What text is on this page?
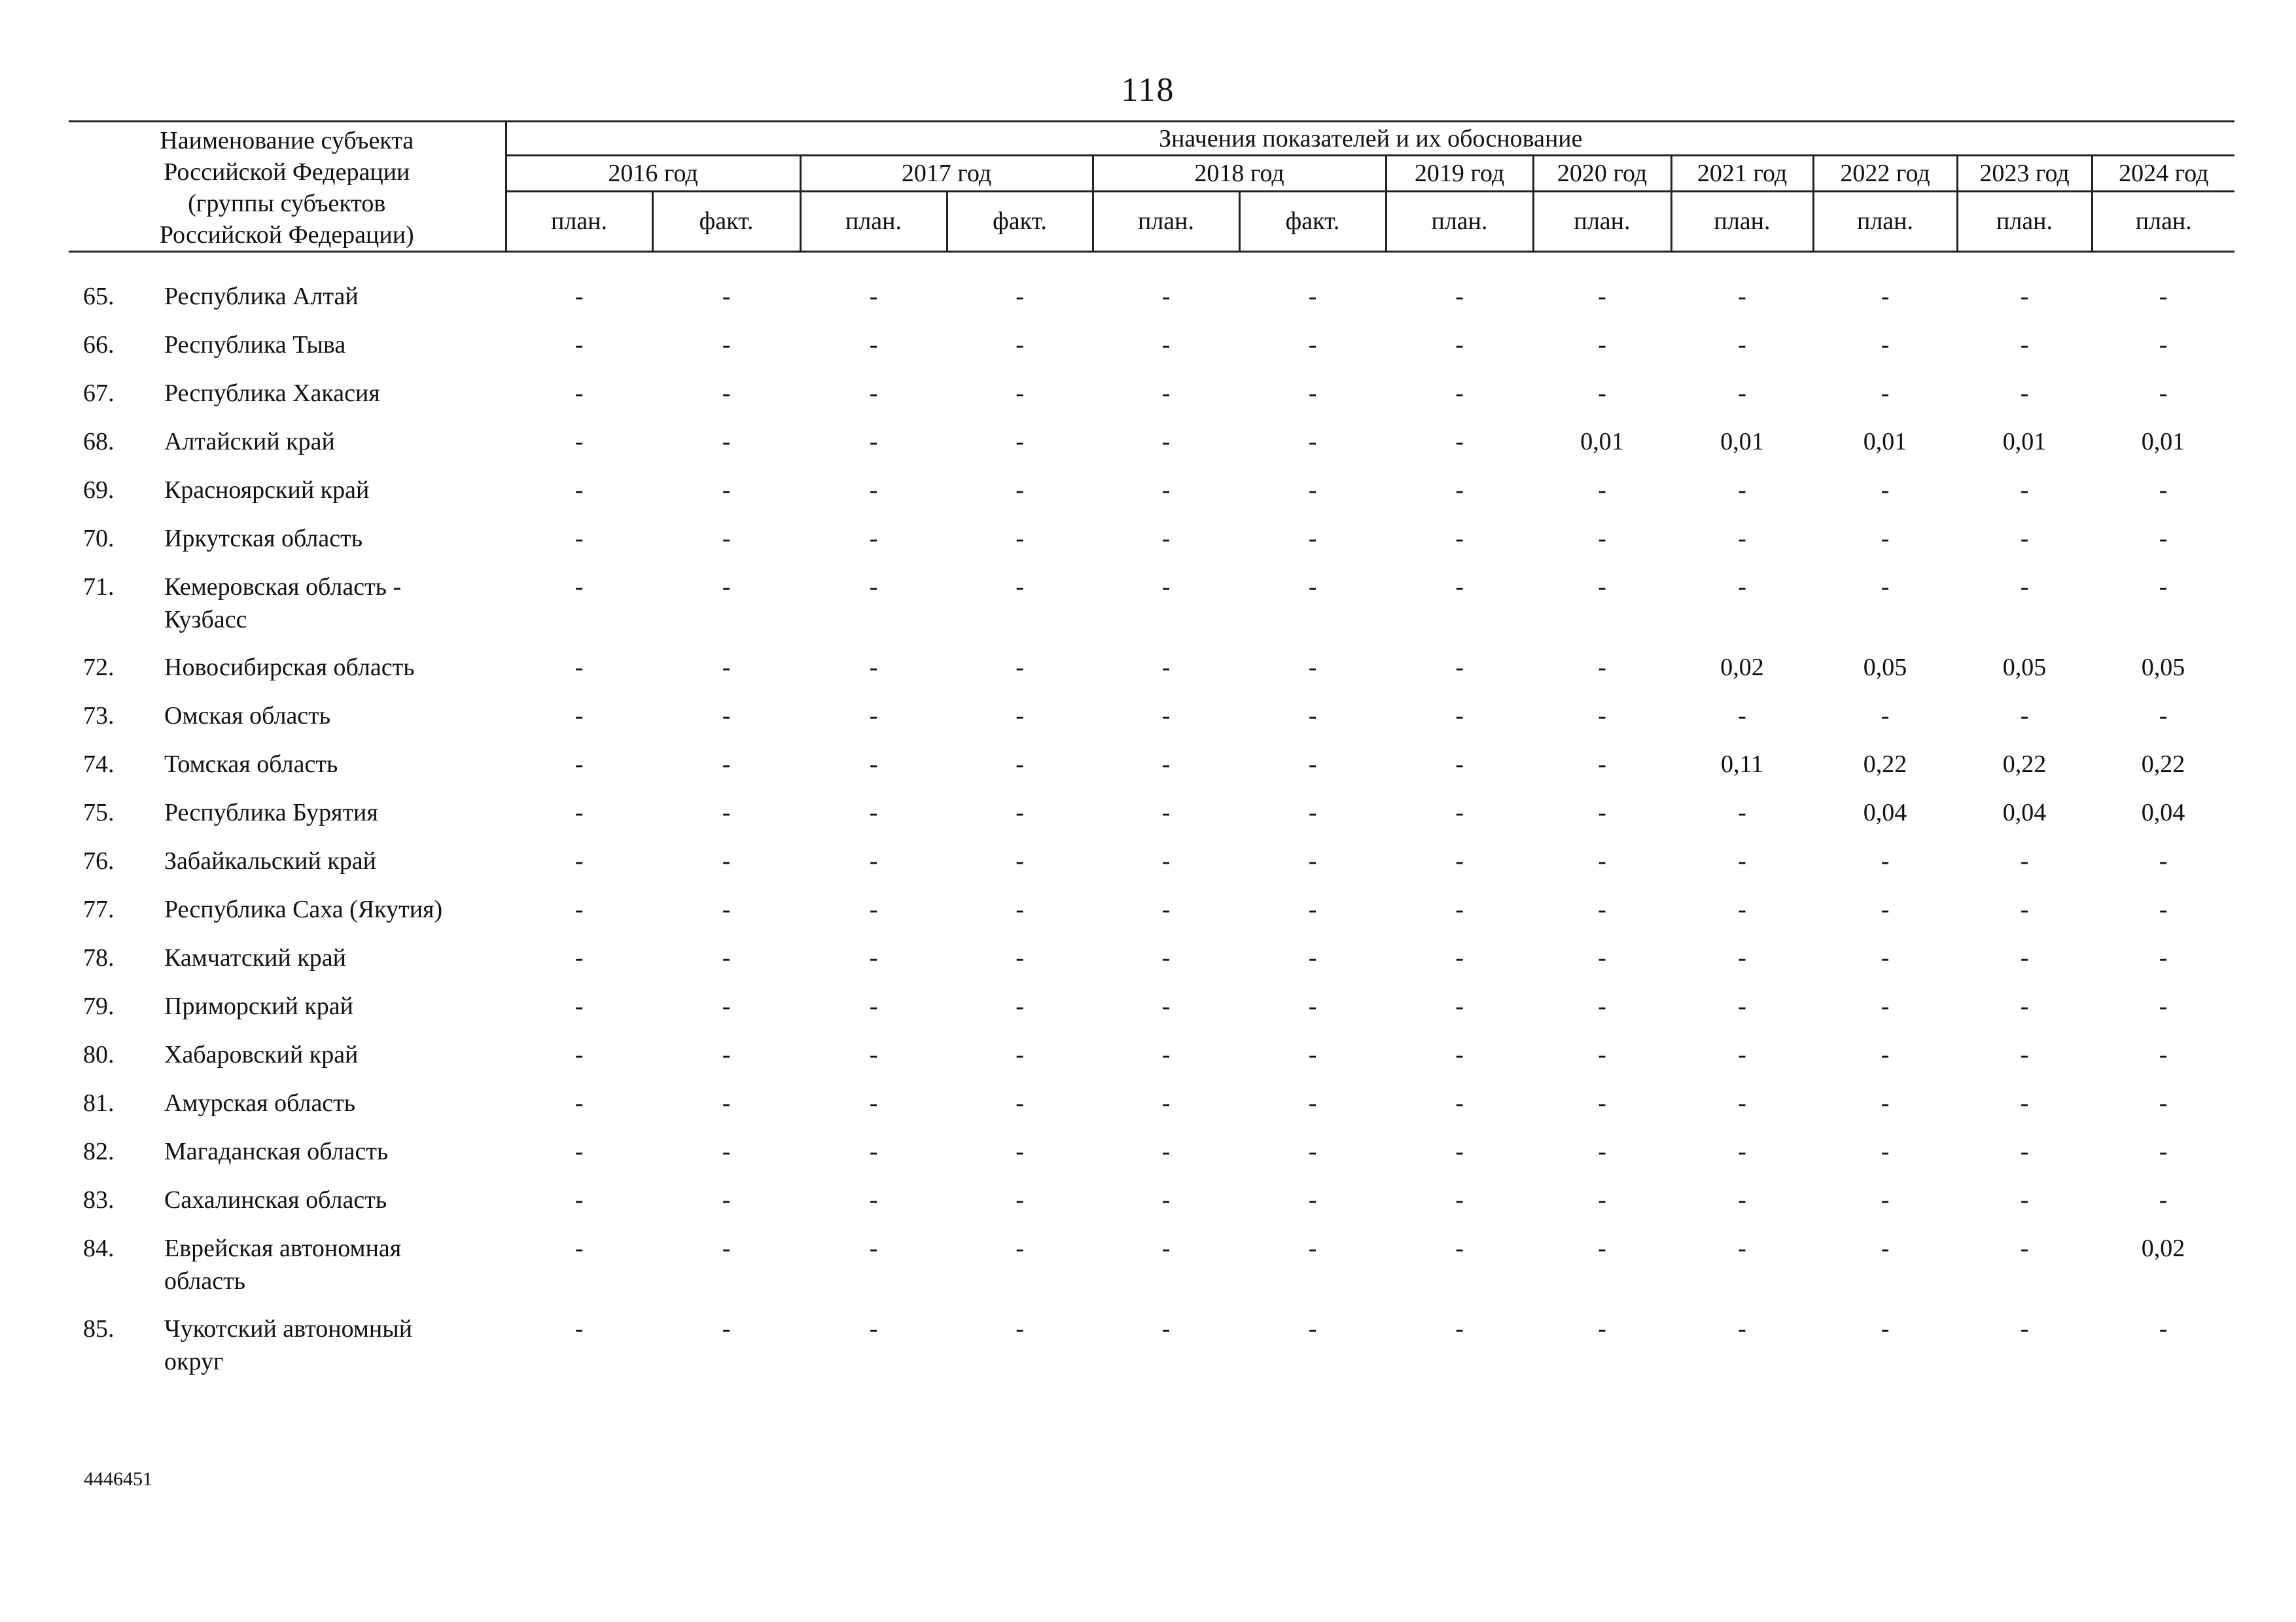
118
Наименование субъекта
Российской Федерации
(группы субъектов
Российской Федерации)		Значения показателей и их обоснование											
		2016 год		2017 год		2018 год		2019 год	2020 год	2021 год	2022 год	2023 год	2024 год
		план.	факт.	план.	факт.	план.	факт.	план.	план.	план.	план.	план.	план.

65.	Республика Алтай	-	-	-	-	-	-	-	-	-	-	-	-
66.	Республика Тыва	-	-	-	-	-	-	-	-	-	-	-	-
67.	Республика Хакасия	-	-	-	-	-	-	-	-	-	-	-	-
68.	Алтайский край	-	-	-	-	-	-	-	0,01	0,01	0,01	0,01	0,01
69.	Красноярский край	-	-	-	-	-	-	-	-	-	-	-	-
70.	Иркутская область	-	-	-	-	-	-	-	-	-	-	-	-
71.	Кемеровская область -
Кузбасс	-	-	-	-	-	-	-	-	-	-	-	-
72.	Новосибирская область	-	-	-	-	-	-	-	-	0,02	0,05	0,05	0,05
73.	Омская область	-	-	-	-	-	-	-	-	-	-	-	-
74.	Томская область	-	-	-	-	-	-	-	-	0,11	0,22	0,22	0,22
75.	Республика Бурятия	-	-	-	-	-	-	-	-	-	0,04	0,04	0,04
76.	Забайкальский край	-	-	-	-	-	-	-	-	-	-	-	-
77.	Республика Саха (Якутия)	-	-	-	-	-	-	-	-	-	-	-	-
78.	Камчатский край	-	-	-	-	-	-	-	-	-	-	-	-
79.	Приморский край	-	-	-	-	-	-	-	-	-	-	-	-
80.	Хабаровский край	-	-	-	-	-	-	-	-	-	-	-	-
81.	Амурская область	-	-	-	-	-	-	-	-	-	-	-	-
82.	Магаданская область	-	-	-	-	-	-	-	-	-	-	-	-
83.	Сахалинская область	-	-	-	-	-	-	-	-	-	-	-	-
84.	Еврейская автономная
область	-	-	-	-	-	-	-	-	-	-	-	0,02
85.	Чукотский автономный
округ	-	-	-	-	-	-	-	-	-	-	-	-
4446451
